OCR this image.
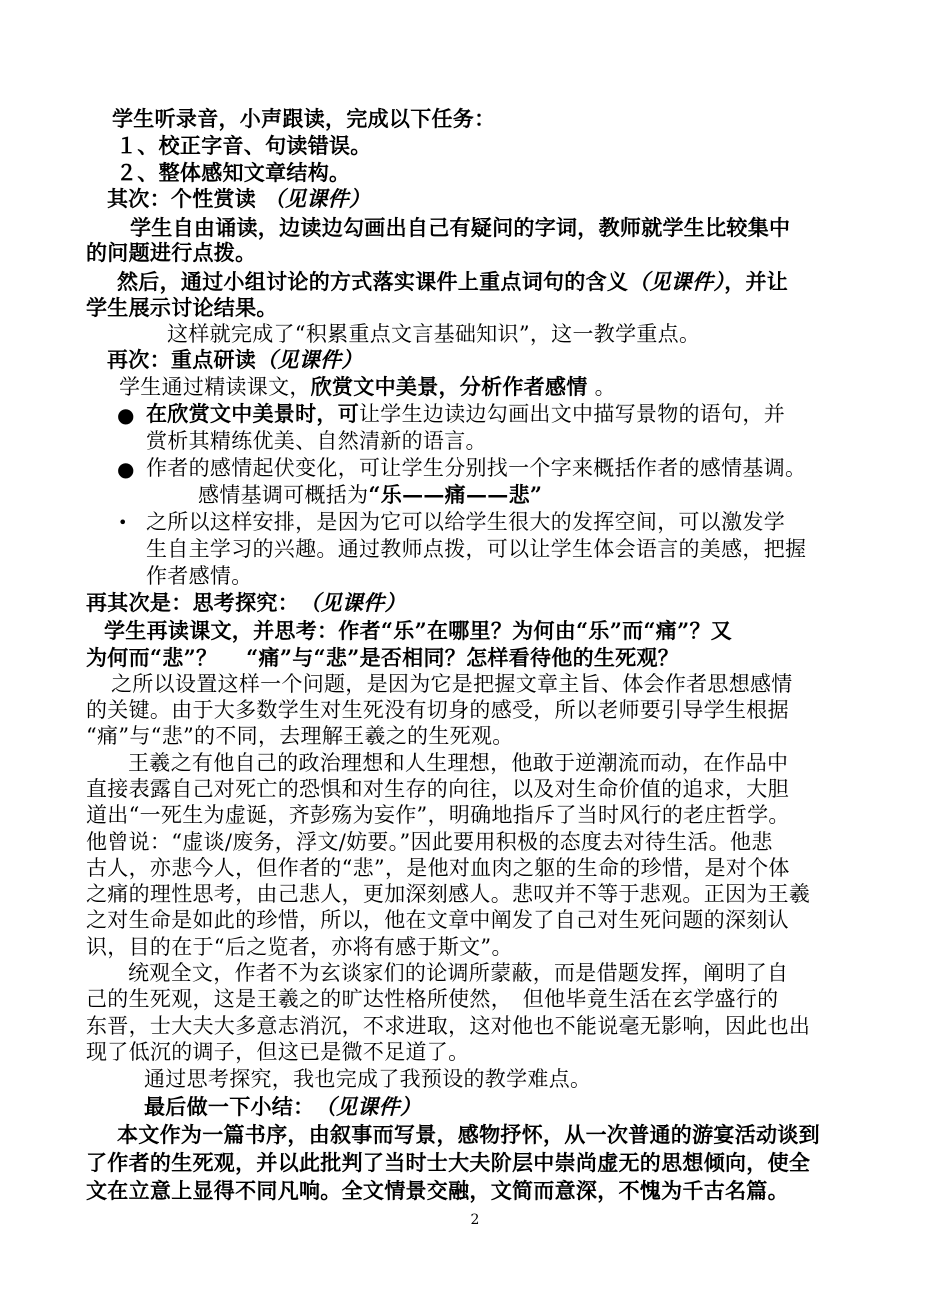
学生听录音，小声跟读，完成以下任务：
１、校正字音、句读错误。
２、整体感知文章结构。
其次：个性赏读 （见课件）
学生自由诵读，边读边勾画出自己有疑问的字词，教师就学生比较集中
的问题进行点拨。
然后，通过小组讨论的方式落实课件上重点词句的含义（见课件），并让
学生展示讨论结果。
这样就完成了“积累重点文言基础知识”，这一教学重点。
再次：重点研读（见课件）
学生通过精读课文，欣赏文中美景，分析作者感情 。
● 在欣赏文中美景时，可让学生边读边勾画出文中描写景物的语句，并
赏析其精练优美、自然清新的语言。
● 作者的感情起伏变化，可让学生分别找一个字来概括作者的感情基调。
感情基调可概括为“乐——痛——悲”
• 之所以这样安排，是因为它可以给学生很大的发挥空间，可以激发学
生自主学习的兴趣。通过教师点拨，可以让学生体会语言的美感，把握
作者感情。
再其次是：思考探究：　（见课件）
学生再读课文，并思考：作者“乐”在哪里？为何由“乐”而“痛”？又
为何而“悲”？　 “痛”与“悲”是否相同？怎样看待他的生死观？
之所以设置这样一个问题，是因为它是把握文章主旨、体会作者思想感情
的关键。由于大多数学生对生死没有切身的感受，所以老师要引导学生根据
“痛”与“悲”的不同，去理解王羲之的生死观。
王羲之有他自己的政治理想和人生理想，他敢于逆潮流而动，在作品中
直接表露自己对死亡的恐惧和对生存的向往，以及对生命价值的追求，大胆
道出“一死生为虚诞，齐彭殇为妄作”，明确地指斥了当时风行的老庄哲学。
他曾说：“虚谈/废务，浮文/妨要。”因此要用积极的态度去对待生活。他悲
古人，亦悲今人，但作者的“悲”，是他对血肉之躯的生命的珍惜，是对个体
之痛的理性思考，由己悲人，更加深刻感人。悲叹并不等于悲观。正因为王羲
之对生命是如此的珍惜，所以，他在文章中阐发了自己对生死问题的深刻认
识，目的在于“后之览者，亦将有感于斯文”。
统观全文，作者不为玄谈家们的论调所蒙蔽，而是借题发挥，阐明了自
己的生死观，这是王羲之的旷达性格所使然，　但他毕竟生活在玄学盛行的
东晋，士大夫大多意志消沉，不求进取，这对他也不能说毫无影响，因此也出
现了低沉的调子，但这已是微不足道了。
通过思考探究，我也完成了我预设的教学难点。
最后做一下小结：　（见课件）
本文作为一篇书序，由叙事而写景，感物抒怀，从一次普通的游宴活动谈到
了作者的生死观，并以此批判了当时士大夫阶层中崇尚虚无的思想倾向，使全
文在立意上显得不同凡响。全文情景交融，文简而意深，不愧为千古名篇。
2
